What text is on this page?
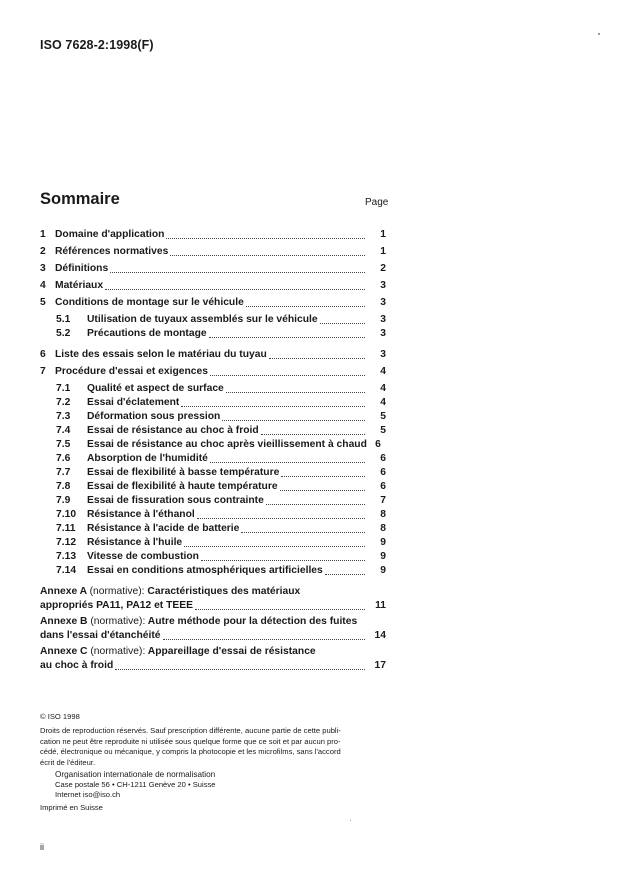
ISO 7628-2:1998(F)
Sommaire	Page
1 Domaine d'application	1
2 Références normatives	1
3 Définitions	2
4 Matériaux	3
5 Conditions de montage sur le véhicule	3
5.1	Utilisation de tuyaux assemblés sur le véhicule	3
5.2	Précautions de montage	3
6 Liste des essais selon le matériau du tuyau	3
7 Procédure d'essai et exigences	4
7.1	Qualité et aspect de surface	4
7.2	Essai d'éclatement	4
7.3	Déformation sous pression	5
7.4	Essai de résistance au choc à froid	5
7.5	Essai de résistance au choc après vieillissement à chaud 6
7.6	Absorption de l'humidité	6
7.7	Essai de flexibilité à basse température	6
7.8	Essai de flexibilité à haute température	6
7.9	Essai de fissuration sous contrainte	7
7.10	Résistance à l'éthanol	8
7.11	Résistance à l'acide de batterie	8
7.12	Résistance à l'huile	9
7.13	Vitesse de combustion	9
7.14	Essai en conditions atmosphériques artificielles	9
Annexe A (normative): Caractéristiques des matériaux
appropriés PA11, PA12 et TEEE	11
Annexe B (normative): Autre méthode pour la détection des fuites
dans l'essai d'étanchéité	14
Annexe C (normative): Appareillage d'essai de résistance
au choc à froid	17
© ISO 1998
Droits de reproduction réservés. Sauf prescription différente, aucune partie de cette publi-
cation ne peut être reproduite ni utilisée sous quelque forme que ce soit et par aucun pro-
cédé, électronique ou mécanique, y compris la photocopie et les microfilms, sans l'accord
écrit de l'éditeur.
Organisation internationale de normalisation
Case postale 56 • CH-1211 Genève 20 • Suisse
Internet iso@iso.ch
Imprimé en Suisse
ii
